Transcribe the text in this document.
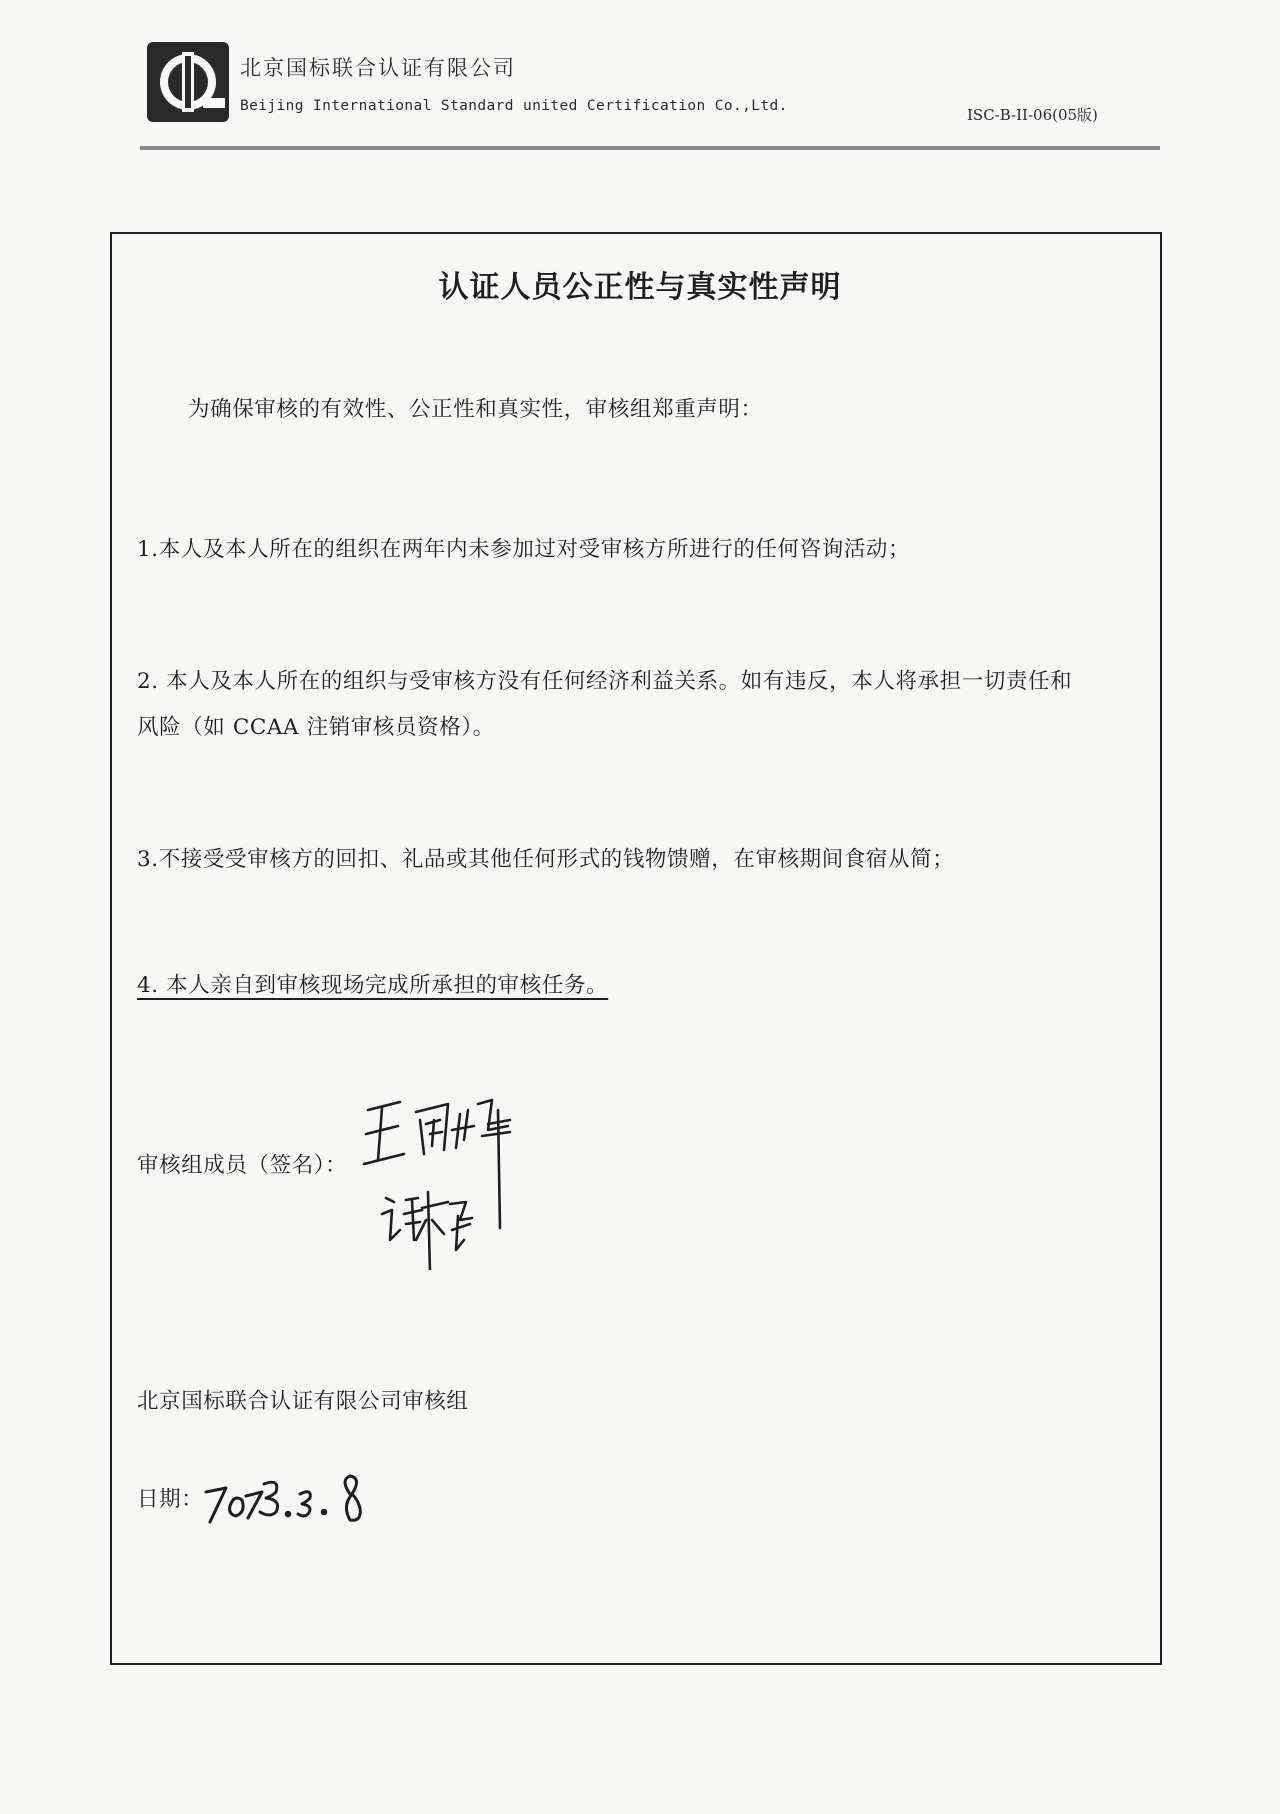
北京国标联合认证有限公司
Beijing International Standard united Certification Co.,Ltd.	ISC-B-II-06(05版)
认证人员公正性与真实性声明
为确保审核的有效性、公正性和真实性，审核组郑重声明：
1.本人及本人所在的组织在两年内未参加过对受审核方所进行的任何咨询活动；
2. 本人及本人所在的组织与受审核方没有任何经济利益关系。如有违反，本人将承担一切责任和
风险（如 CCAA 注销审核员资格）。
3.不接受受审核方的回扣、礼品或其他任何形式的钱物馈赠，在审核期间食宿从简；
4. 本人亲自到审核现场完成所承担的审核任务。
审核组成员（签名）：
北京国标联合认证有限公司审核组
日期：
